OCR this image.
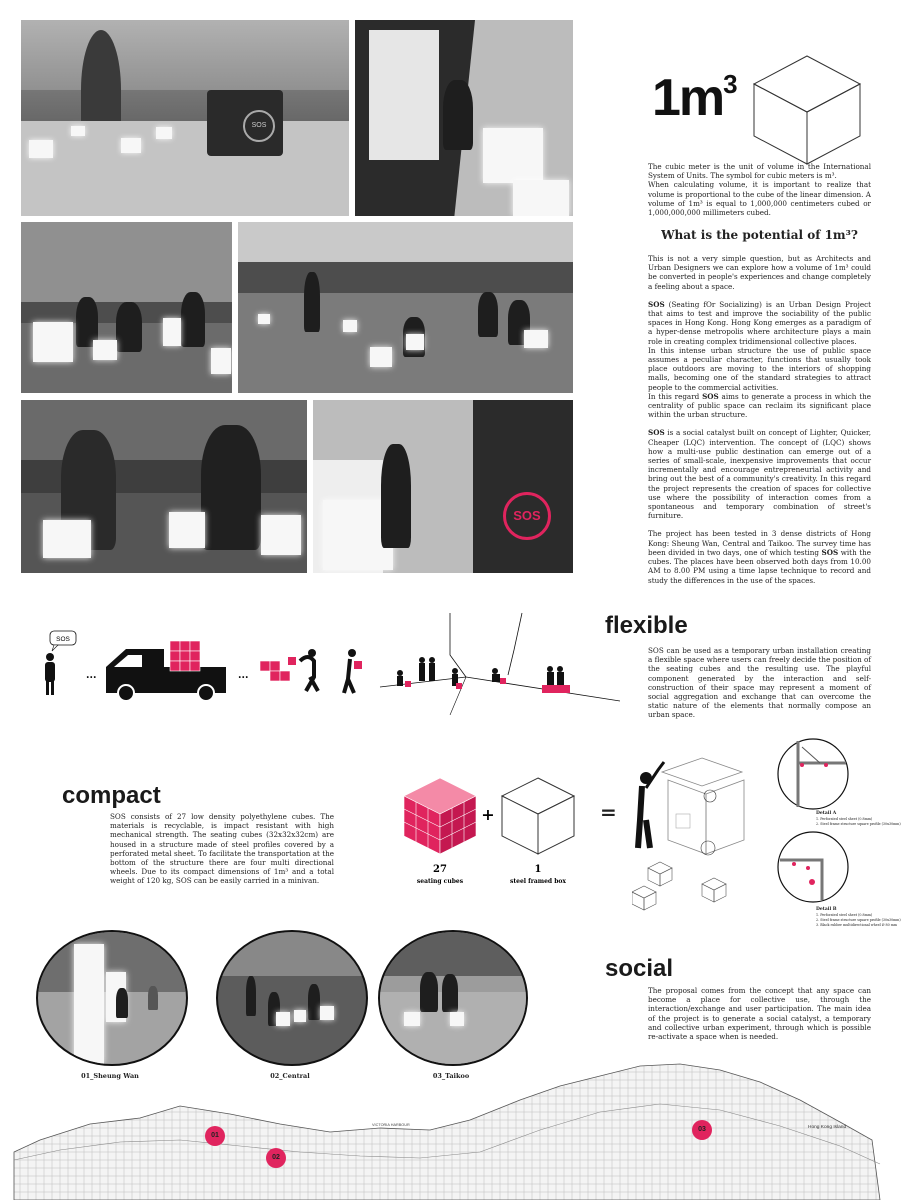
SOS
SOS
$1m^3$
The cubic meter is the unit of volume in the International System of Units. The symbol for cubic meters is m³.
When calculating volume, it is important to realize that volume is proportional to the cube of the linear dimension. A volume of 1m³ is equal to 1,000,000 centimeters cubed or 1,000,000,000 millimeters cubed.
What is the potential of 1m³?
This is not a very simple question, but as Architects and Urban Designers we can explore how a volume of 1m³ could be converted in people's experiences and change completely a feeling about a space.
SOS (Seating fOr Socializing) is an Urban Design Project that aims to test and improve the sociability of the public spaces in Hong Kong. Hong Kong emerges as a paradigm of a hyper-dense metropolis where architecture plays a main role in creating complex tridimensional collective places.
In this intense urban structure the use of public space assumes a peculiar character, functions that usually took place outdoors are moving to the interiors of shopping malls, becoming one of the standard strategies to attract people to the commercial activities.
In this regard SOS aims to generate a process in which the centrality of public space can reclaim its significant place within the urban structure.
SOS is a social catalyst built on concept of Lighter, Quicker, Cheaper (LQC) intervention. The concept of (LQC) shows how a multi-use public destination can emerge out of a series of small-scale, inexpensive improvements that occur incrementally and encourage entrepreneurial activity and bring out the best of a community's creativity. In this regard the project represents the creation of spaces for collective use where the possibility of interaction comes from a spontaneous and temporary combination of street's furniture.
The project has been tested in 3 dense districts of Hong Kong: Sheung Wan, Central and Taikoo. The survey time has been divided in two days, one of which testing SOS with the cubes. The places have been observed both days from 10.00 AM to 8.00 PM using a time lapse technique to record and study the differences in the use of the spaces.
flexible
SOS can be used as a temporary urban installation creating a flexible space where users can freely decide the position of the seating cubes and the resulting use. The playful component generated by the interaction and self-construction of their space may represent a moment of social aggregation and exchange that can overcome the static nature of the elements that normally compose an urban space.
SOS
...	...
compact
SOS consists of 27 low density polyethylene cubes. The materials is recyclable, is impact resistant with high mechanical strength. The seating cubes (32x32x32cm) are housed in a structure made of steel profiles covered by a perforated metal sheet. To facilitate the transportation at the bottom of the structure there are four multi directional wheels. Due to its compact dimensions of 1m³ and a total weight of 120 kg, SOS can be easily carried in a minivan.
+
27
seating cubes
1
steel framed box
=	Detail A
1. Perforated steel sheet (0.8mm)
2. Steel frame structure square profile (30x30mm)
Detail B
1. Perforated steel sheet (0.8mm)
2. Steel frame structure square profile (30x30mm)
3. Black rubber multidirectional wheel Ø 80 mm
01_Sheung Wan	02_Central	03_Taikoo
social
The proposal comes from the concept that any space can become a place for collective use, through the interaction/exchange and user participation. The main idea of the project is to generate a social catalyst, a temporary and collective urban experiment, through which is possible re-activate a space when is needed.
VICTORIA HARBOUR	Hong Kong Island
01
02
03
